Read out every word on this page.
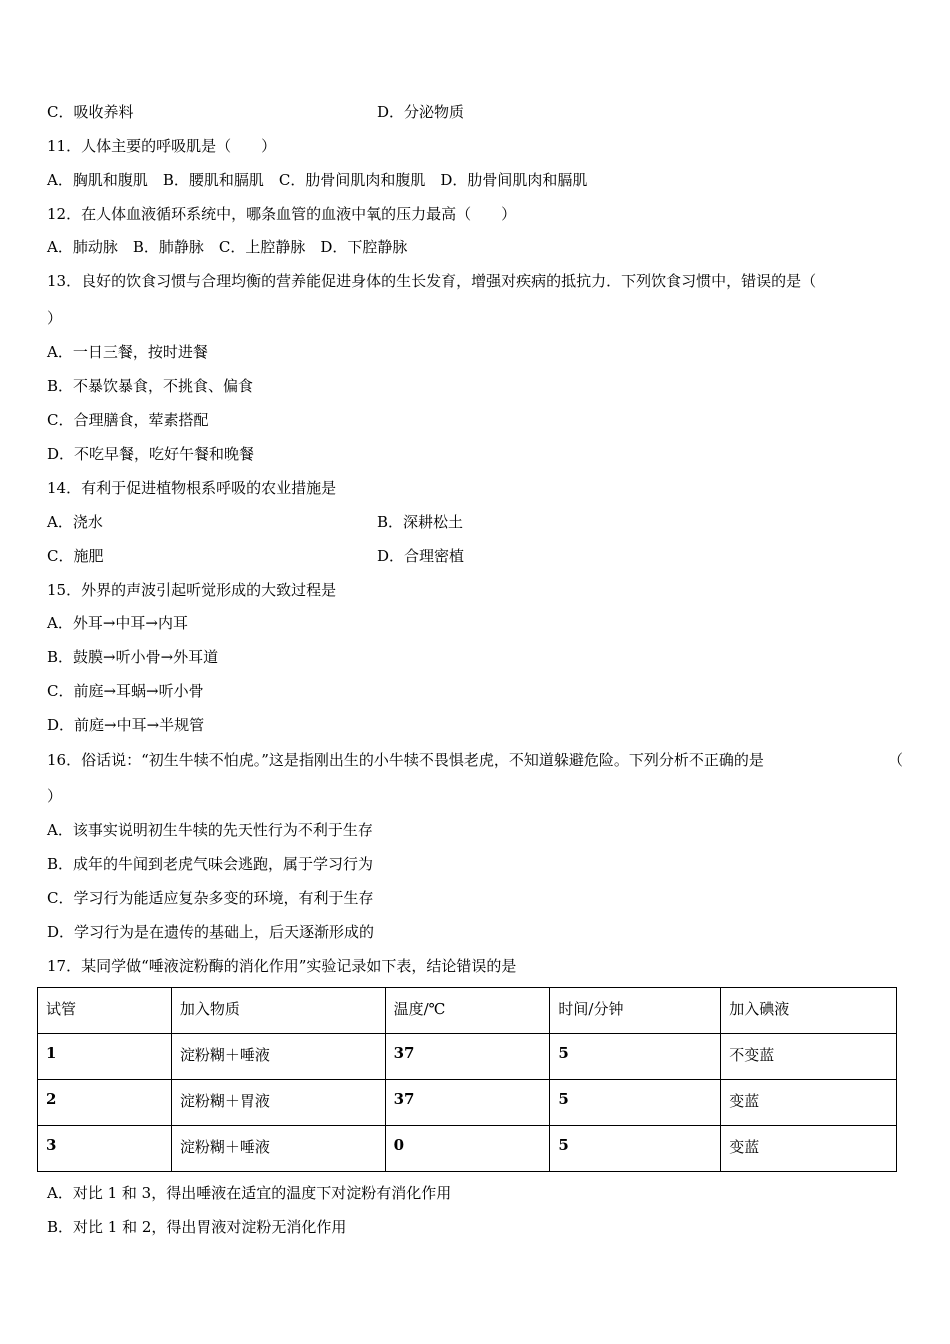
C．吸收养料	D．分泌物质
11．人体主要的呼吸肌是（　　）
A．胸肌和腹肌　B．腰肌和膈肌　C．肋骨间肌肉和腹肌　D．肋骨间肌肉和膈肌
12．在人体血液循环系统中，哪条血管的血液中氧的压力最高（　　）
A．肺动脉　B．肺静脉　C．上腔静脉　D．下腔静脉
13．良好的饮食习惯与合理均衡的营养能促进身体的生长发育，增强对疾病的抵抗力．下列饮食习惯中，错误的是（
）
A．一日三餐，按时进餐
B．不暴饮暴食，不挑食、偏食
C．合理膳食，荤素搭配
D．不吃早餐，吃好午餐和晚餐
14．有利于促进植物根系呼吸的农业措施是
A．浇水	B．深耕松土
C．施肥	D．合理密植
15．外界的声波引起听觉形成的大致过程是
A．外耳→中耳→内耳
B．鼓膜→听小骨→外耳道
C．前庭→耳蜗→听小骨
D．前庭→中耳→半规管
16．俗话说：“初生牛犊不怕虎。”这是指刚出生的小牛犊不畏惧老虎，不知道躲避危险。下列分析不正确的是	（
）
A．该事实说明初生牛犊的先天性行为不利于生存
B．成年的牛闻到老虎气味会逃跑，属于学习行为
C．学习行为能适应复杂多变的环境，有利于生存
D．学习行为是在遗传的基础上，后天逐渐形成的
17．某同学做“唾液淀粉酶的消化作用”实验记录如下表，结论错误的是
试管	加入物质	温度/℃	时间/分钟	加入碘液
1	淀粉糊＋唾液	37	5	不变蓝
2	淀粉糊＋胃液	37	5	变蓝
3	淀粉糊＋唾液	0	5	变蓝
A．对比 1 和 3，得出唾液在适宜的温度下对淀粉有消化作用
B．对比 1 和 2，得出胃液对淀粉无消化作用
